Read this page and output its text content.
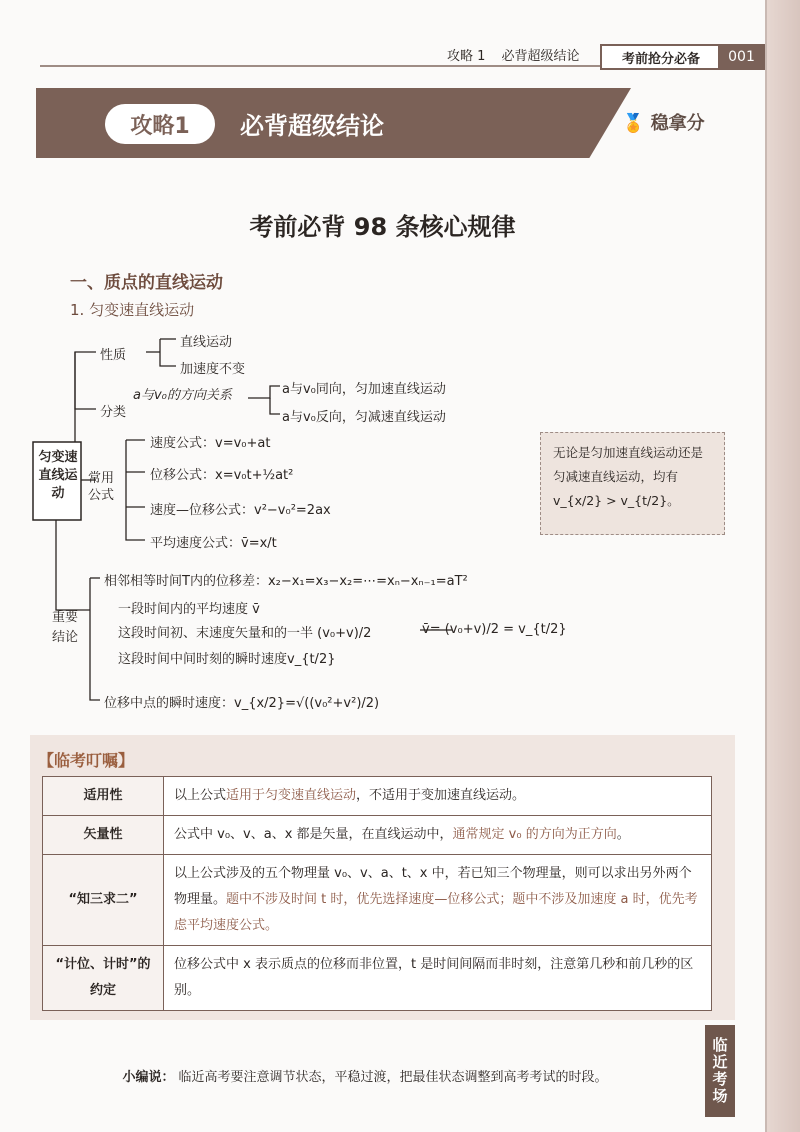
攻略 1 必背超级结论	考前抢分必备	001
攻略1	必背超级结论	🏅 稳拿分
考前必背 98 条核心规律
一、质点的直线运动
1. 匀变速直线运动
匀变速直线运动
性质
直线运动
加速度不变
分类
a与v₀的方向关系	a与v₀同向，匀加速直线运动
a与v₀反向，匀减速直线运动
常用公式
速度公式：v=v₀+at
位移公式：x=v₀t+½at²
速度—位移公式：v²−v₀²=2ax
平均速度公式：v̄=x/t
重要结论
相邻相等时间T内的位移差：x₂−x₁=x₃−x₂=⋯=xₙ−xₙ₋₁=aT²
一段时间内的平均速度 v̄
这段时间初、末速度矢量和的一半 (v₀+v)/2
这段时间中间时刻的瞬时速度v_{t/2}
v̄= (v₀+v)/2 = v_{t/2}
位移中点的瞬时速度：v_{x/2}=√((v₀²+v²)/2)
无论是匀加速直线运动还是匀减速直线运动，均有 v_{x/2} > v_{t/2}。
【临考叮嘱】
适用性	以上公式适用于匀变速直线运动，不适用于变加速直线运动。
矢量性	公式中 v₀、v、a、x 都是矢量，在直线运动中，通常规定 v₀ 的方向为正方向。
“知三求二”	以上公式涉及的五个物理量 v₀、v、a、t、x 中，若已知三个物理量，则可以求出另外两个物理量。题中不涉及时间 t 时，优先选择速度—位移公式；题中不涉及加速度 a 时，优先考虑平均速度公式。
“计位、计时”的约定	位移公式中 x 表示质点的位移而非位置，t 是时间间隔而非时刻，注意第几秒和前几秒的区别。
小编说： 临近高考要注意调节状态，平稳过渡，把最佳状态调整到高考考试的时段。	临近考场
